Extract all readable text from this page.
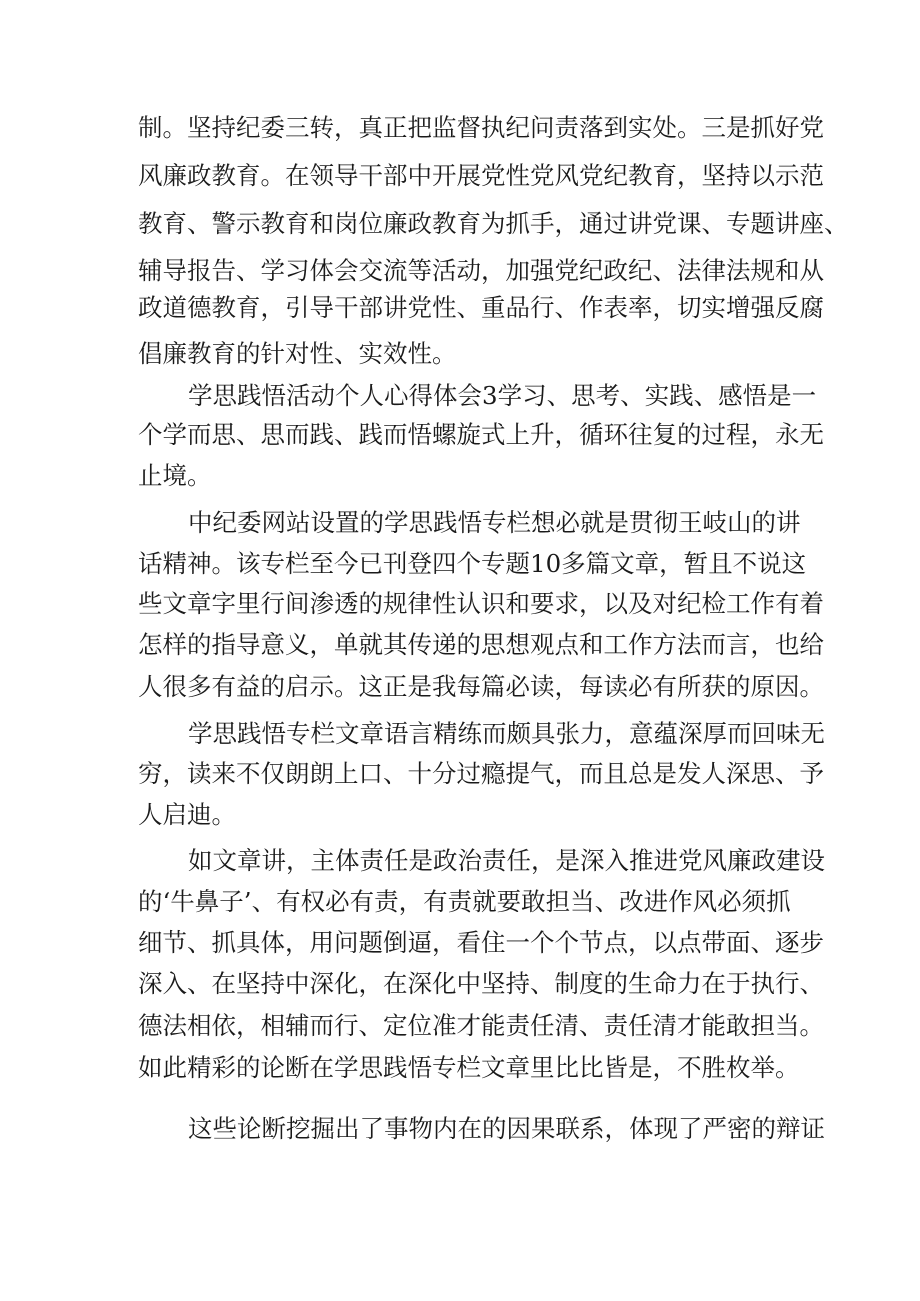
制。坚持纪委三转，真正把监督执纪问责落到实处。三是抓好党
风廉政教育。在领导干部中开展党性党风党纪教育，坚持以示范
教育、警示教育和岗位廉政教育为抓手，通过讲党课、专题讲座、
辅导报告、学习体会交流等活动，加强党纪政纪、法律法规和从
政道德教育，引导干部讲党性、重品行、作表率，切实增强反腐
倡廉教育的针对性、实效性。
学思践悟活动个人心得体会3学习、思考、实践、感悟是一
个学而思、思而践、践而悟螺旋式上升，循环往复的过程，永无
止境。
中纪委网站设置的学思践悟专栏想必就是贯彻王岐山的讲
话精神。该专栏至今已刊登四个专题10多篇文章，暂且不说这
些文章字里行间渗透的规律性认识和要求，以及对纪检工作有着
怎样的指导意义，单就其传递的思想观点和工作方法而言，也给
人很多有益的启示。这正是我每篇必读，每读必有所获的原因。
学思践悟专栏文章语言精练而颇具张力，意蕴深厚而回味无
穷，读来不仅朗朗上口、十分过瘾提气，而且总是发人深思、予
人启迪。
如文章讲，主体责任是政治责任，是深入推进党风廉政建设
的‘牛鼻子’、有权必有责，有责就要敢担当、改进作风必须抓
细节、抓具体，用问题倒逼，看住一个个节点，以点带面、逐步
深入、在坚持中深化，在深化中坚持、制度的生命力在于执行、
德法相依，相辅而行、定位准才能责任清、责任清才能敢担当。
如此精彩的论断在学思践悟专栏文章里比比皆是，不胜枚举。
这些论断挖掘出了事物内在的因果联系，体现了严密的辩证
